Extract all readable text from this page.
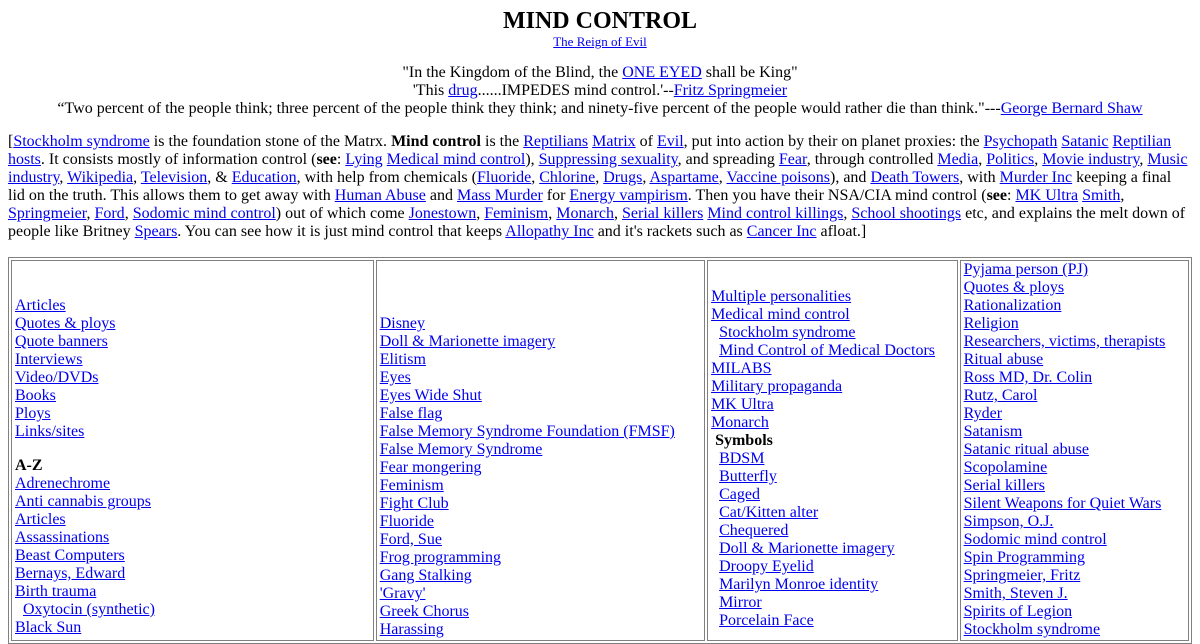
MIND CONTROL

The Reign of Evil

"In the Kingdom of the Blind, the ONE EYED shall be King"
'This drug......IMPEDES mind control.'--Fritz Springmeier
“Two percent of the people think; three percent of the people think they think; and ninety-five percent of the people would rather die than think."---George Bernard Shaw
[Stockholm syndrome is the foundation stone of the Matrx. Mind control is the Reptilians Matrix of Evil, put into action by their on planet proxies: the Psychopath Satanic Reptilian hosts. It consists mostly of information control (see: Lying Medical mind control), Suppressing sexuality, and spreading Fear, through controlled Media, Politics, Movie industry, Music industry, Wikipedia, Television, & Education, with help from chemicals (Fluoride, Chlorine, Drugs, Aspartame, Vaccine poisons), and Death Towers, with Murder Inc keeping a final lid on the truth. This allows them to get away with Human Abuse and Mass Murder for Energy vampirism. Then you have their NSA/CIA mind control (see: MK Ultra Smith, Springmeier, Ford, Sodomic mind control) out of which come Jonestown, Feminism, Monarch, Serial killers Mind control killings, School shootings etc, and explains the melt down of people like Britney Spears. You can see how it is just mind control that keeps Allopathy Inc and it's rackets such as Cancer Inc afloat.]
Articles
Quotes & ploys
Quote banners
Interviews
Video/DVDs
Books
Ploys
Links/sites
A-Z
Adrenechrome
Anti cannabis groups
Articles
Assassinations
Beast Computers
Bernays, Edward
Birth trauma
Oxytocin (synthetic)
Black Sun

Disney
Doll & Marionette imagery
Elitism
Eyes
Eyes Wide Shut
False flag
False Memory Syndrome Foundation (FMSF)
False Memory Syndrome
Fear mongering
Feminism
Fight Club
Fluoride
Ford, Sue
Frog programming
Gang Stalking
'Gravy'
Greek Chorus
Harassing

Multiple personalities
Medical mind control
Stockholm syndrome
Mind Control of Medical Doctors
MILABS
Military propaganda
MK Ultra
Monarch
Symbols
BDSM
Butterfly
Caged
Cat/Kitten alter
Chequered
Doll & Marionette imagery
Droopy Eyelid
Marilyn Monroe identity
Mirror
Porcelain Face

Pyjama person (PJ)
Quotes & ploys
Rationalization
Religion
Researchers, victims, therapists
Ritual abuse
Ross MD, Dr. Colin
Rutz, Carol
Ryder
Satanism
Satanic ritual abuse
Scopolamine
Serial killers
Silent Weapons for Quiet Wars
Simpson, O.J.
Sodomic mind control
Spin Programming
Springmeier, Fritz
Smith, Steven J.
Spirits of Legion
Stockholm syndrome
